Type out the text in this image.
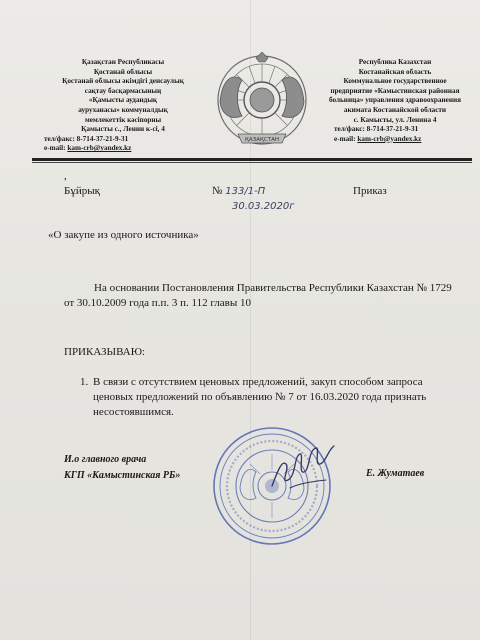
Қазақстан Республикасы
Қостанай облысы
Қостанай облысы әкімдігі денсаулық
сақтау басқармасының
«Қамысты аудандық
ауруханасы» коммуналдық
мемлекеттік кәсіпорны
Қамысты с., Ленин к-сі, 4
тел/факс: 8-714-37-21-9-31
e-mail: kam-crb@yandex.kz
ҚАЗАҚСТАН
Республика Казахстан
Костанайская область
Коммунальное государственное
предприятие «Камыстинская районная
больница» управления здравоохранения
акимата Костанайской области
с. Камысты, ул. Ленина 4
тел/факс: 8-714-37-21-9-31
e-mail: kam-crb@yandex.kz
,
Бұйрық	№ 133/1-П
30.03.2020г
Приказ
«О закупе из одного источника»
На основании Постановления Правительства Республики Казахстан № 1729 от 30.10.2009 года п.п. 3 п. 112 главы 10
ПРИКАЗЫВАЮ:
1. В связи с отсутствием ценовых предложений, закуп способом запроса ценовых предложений по объявлению № 7 от 16.03.2020 года признать несостоявшимся.
И.о главного врача
КГП «Камыстинская РБ»	Е. Жуматаев
